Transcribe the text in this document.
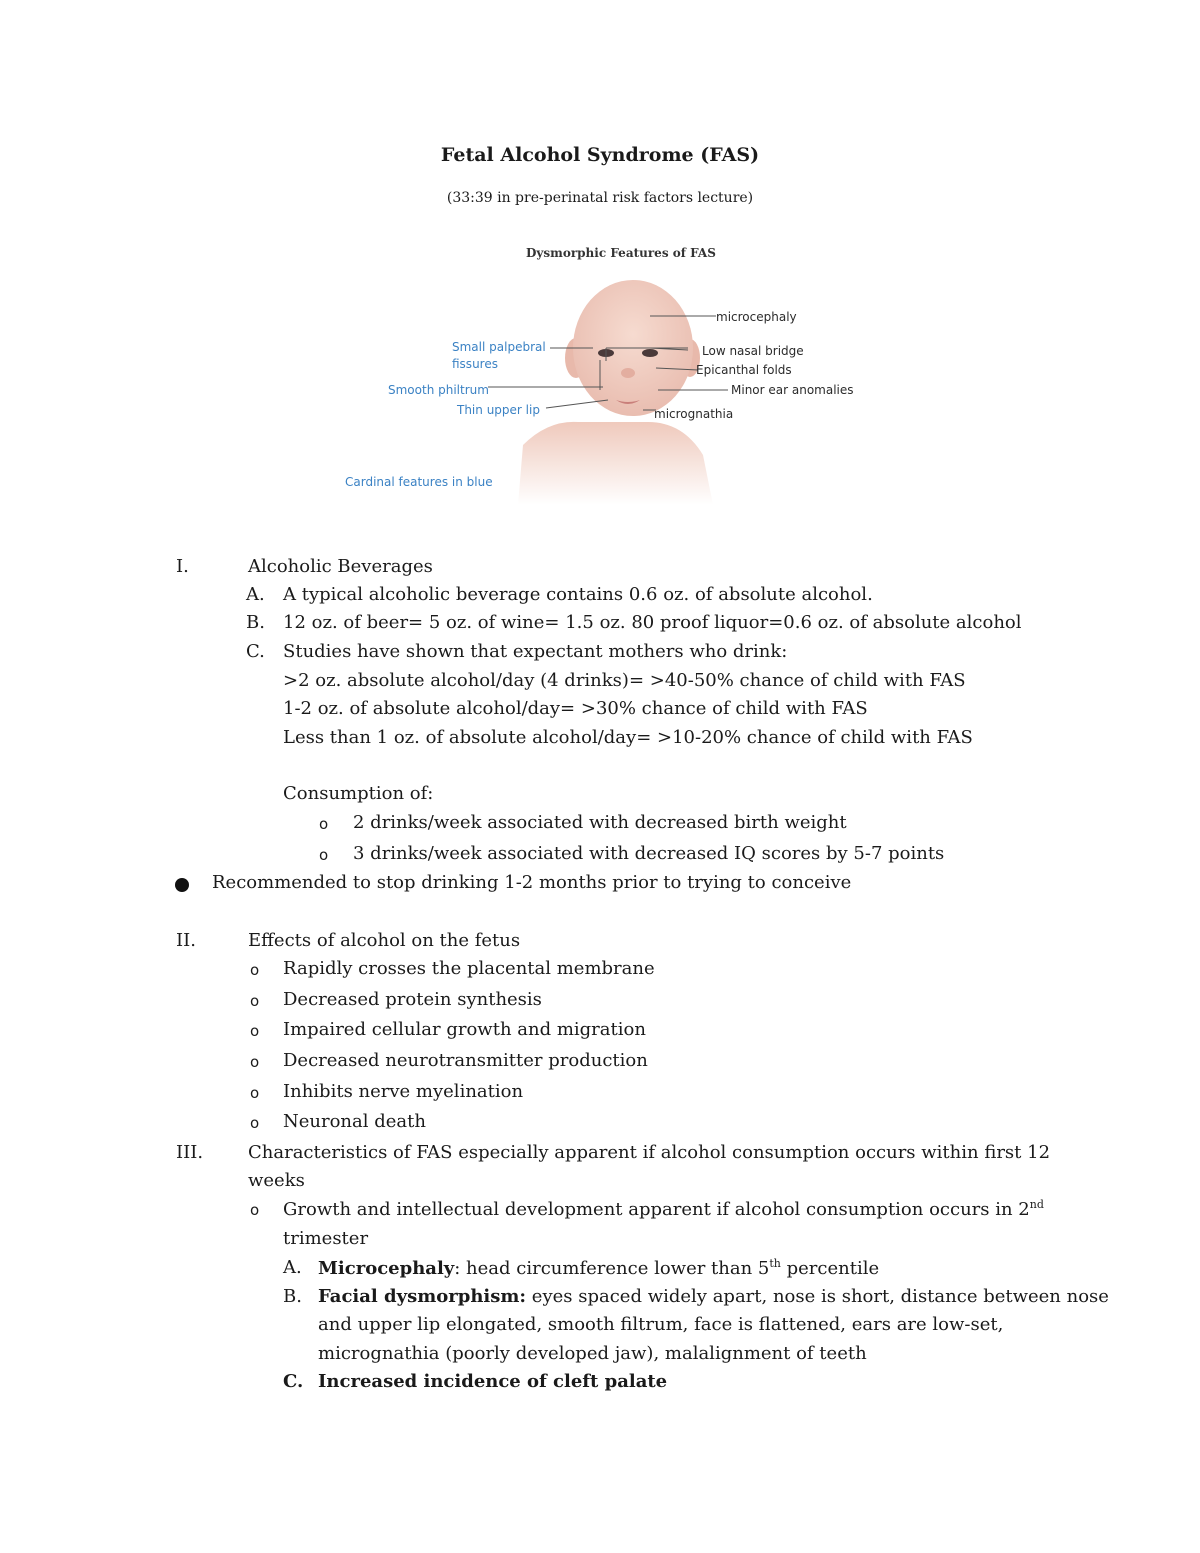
Fetal Alcohol Syndrome (FAS)
(33:39 in pre-perinatal risk factors lecture)
Dysmorphic Features of FAS
microcephaly
Low nasal bridge
Epicanthal folds
Minor ear anomalies
micrognathia
Small palpebral
fissures
Smooth philtrum
Thin upper lip
Cardinal features in blue
I.	Alcoholic Beverages
A. A typical alcoholic beverage contains 0.6 oz. of absolute alcohol.
B. 12 oz. of beer= 5 oz. of wine= 1.5 oz. 80 proof liquor=0.6 oz. of absolute alcohol
C. Studies have shown that expectant mothers who drink:
>2 oz. absolute alcohol/day (4 drinks)= >40-50% chance of child with FAS
1-2 oz. of absolute alcohol/day= >30% chance of child with FAS
Less than 1 oz. of absolute alcohol/day= >10-20% chance of child with FAS
Consumption of:
o 2 drinks/week associated with decreased birth weight
o 3 drinks/week associated with decreased IQ scores by 5-7 points
Recommended to stop drinking 1-2 months prior to trying to conceive
II.	Effects of alcohol on the fetus
o Rapidly crosses the placental membrane
o Decreased protein synthesis
o Impaired cellular growth and migration
o Decreased neurotransmitter production
o Inhibits nerve myelination
o Neuronal death
III. Characteristics of FAS especially apparent if alcohol consumption occurs within first 12
weeks
o Growth and intellectual development apparent if alcohol consumption occurs in 2nd
trimester
A. Microcephaly: head circumference lower than 5th percentile
B. Facial dysmorphism: eyes spaced widely apart, nose is short, distance between nose
and upper lip elongated, smooth filtrum, face is flattened, ears are low-set,
micrognathia (poorly developed jaw), malalignment of teeth
C. Increased incidence of cleft palate
